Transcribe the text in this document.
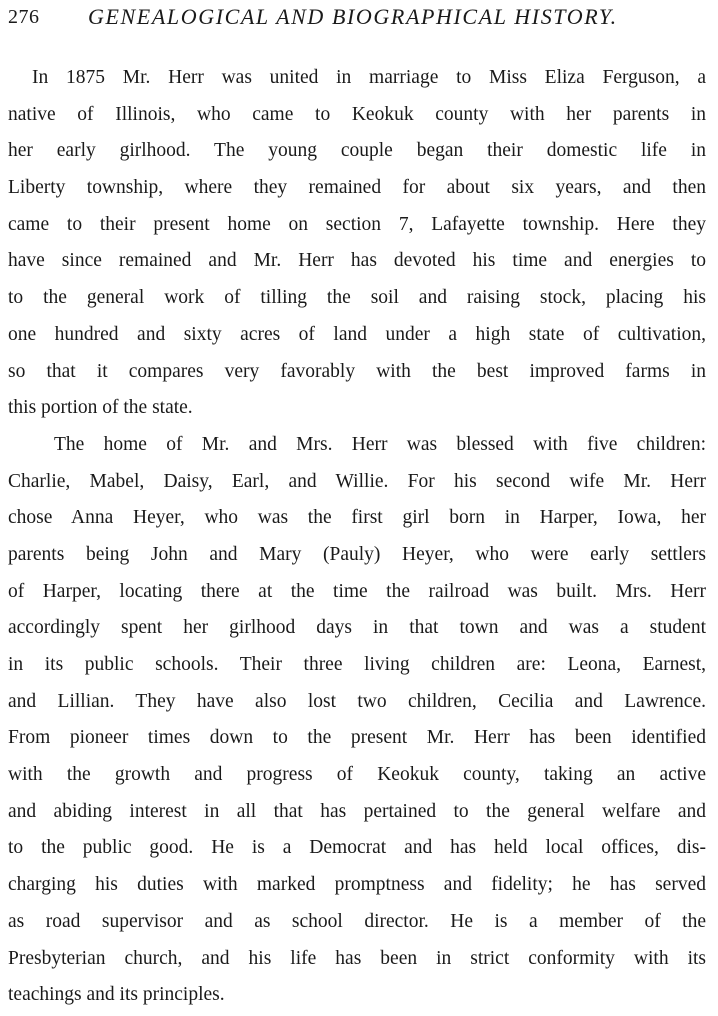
276 GENEALOGICAL AND BIOGRAPHICAL HISTORY.
In 1875 Mr. Herr was united in marriage to Miss Eliza Ferguson, a
native of Illinois, who came to Keokuk county with her parents in
her early girlhood. The young couple began their domestic life in
Liberty township, where they remained for about six years, and then
came to their present home on section 7, Lafayette township. Here they
have since remained and Mr. Herr has devoted his time and energies to
to the general work of tilling the soil and raising stock, placing his
one hundred and sixty acres of land under a high state of cultivation,
so that it compares very favorably with the best improved farms in
this portion of the state.
The home of Mr. and Mrs. Herr was blessed with five children:
Charlie, Mabel, Daisy, Earl, and Willie. For his second wife Mr. Herr
chose Anna Heyer, who was the first girl born in Harper, Iowa, her
parents being John and Mary (Pauly) Heyer, who were early settlers
of Harper, locating there at the time the railroad was built. Mrs. Herr
accordingly spent her girlhood days in that town and was a student
in its public schools. Their three living children are: Leona, Earnest,
and Lillian. They have also lost two children, Cecilia and Lawrence.
From pioneer times down to the present Mr. Herr has been identified
with the growth and progress of Keokuk county, taking an active
and abiding interest in all that has pertained to the general welfare and
to the public good. He is a Democrat and has held local offices, dis-
charging his duties with marked promptness and fidelity; he has served
as road supervisor and as school director. He is a member of the
Presbyterian church, and his life has been in strict conformity with its
teachings and its principles.
